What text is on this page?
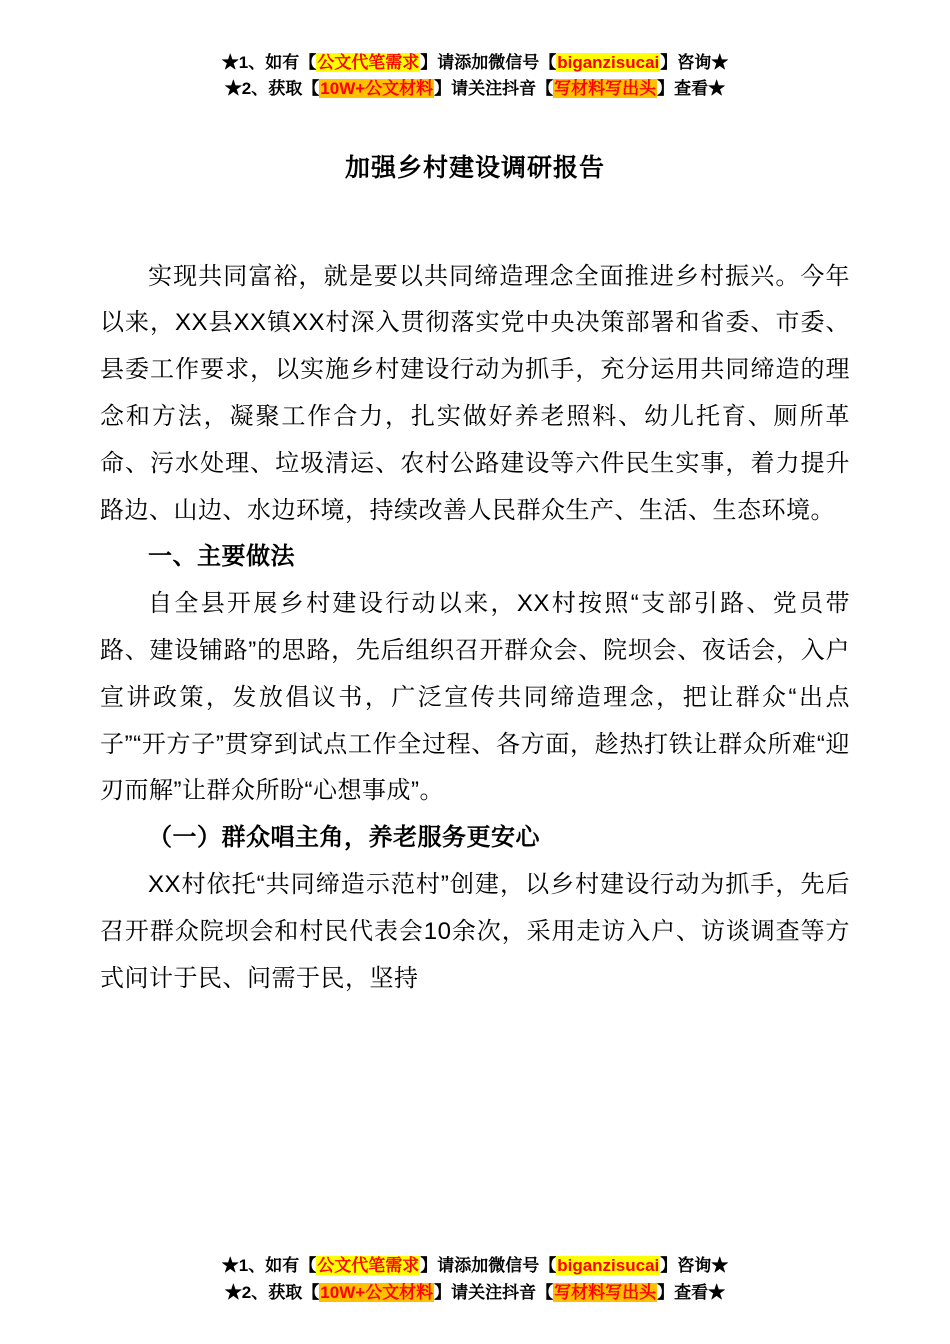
★1、如有【公文代笔需求】请添加微信号【biganzisucai】咨询★
★2、获取【10W+公文材料】请关注抖音【写材料写出头】查看★
加强乡村建设调研报告

实现共同富裕，就是要以共同缔造理念全面推进乡村振兴。今年以来，XX县XX镇XX村深入贯彻落实党中央决策部署和省委、市委、县委工作要求，以实施乡村建设行动为抓手，充分运用共同缔造的理念和方法，凝聚工作合力，扎实做好养老照料、幼儿托育、厕所革命、污水处理、垃圾清运、农村公路建设等六件民生实事，着力提升路边、山边、水边环境，持续改善人民群众生产、生活、生态环境。

一、主要做法

自全县开展乡村建设行动以来，XX村按照“支部引路、党员带路、建设铺路”的思路，先后组织召开群众会、院坝会、夜话会，入户宣讲政策，发放倡议书，广泛宣传共同缔造理念，把让群众“出点子”“开方子”贯穿到试点工作全过程、各方面，趁热打铁让群众所难“迎刃而解”让群众所盼“心想事成”。

（一）群众唱主角，养老服务更安心

XX村依托“共同缔造示范村”创建，以乡村建设行动为抓手，先后召开群众院坝会和村民代表会10余次，采用走访入户、访谈调查等方式问计于民、问需于民，坚持

★1、如有【公文代笔需求】请添加微信号【biganzisucai】咨询★
★2、获取【10W+公文材料】请关注抖音【写材料写出头】查看★
